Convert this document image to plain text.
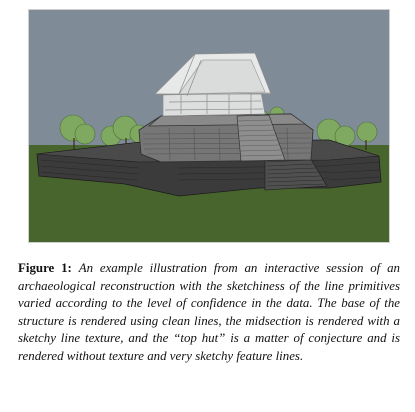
Figure 1: An example illustration from an interactive session of an archaeological reconstruction with the sketchiness of the line primitives varied according to the level of confidence in the data. The base of the structure is rendered using clean lines, the midsection is rendered with a sketchy line texture, and the “top hut” is a matter of conjecture and is rendered without texture and very sketchy feature lines.
